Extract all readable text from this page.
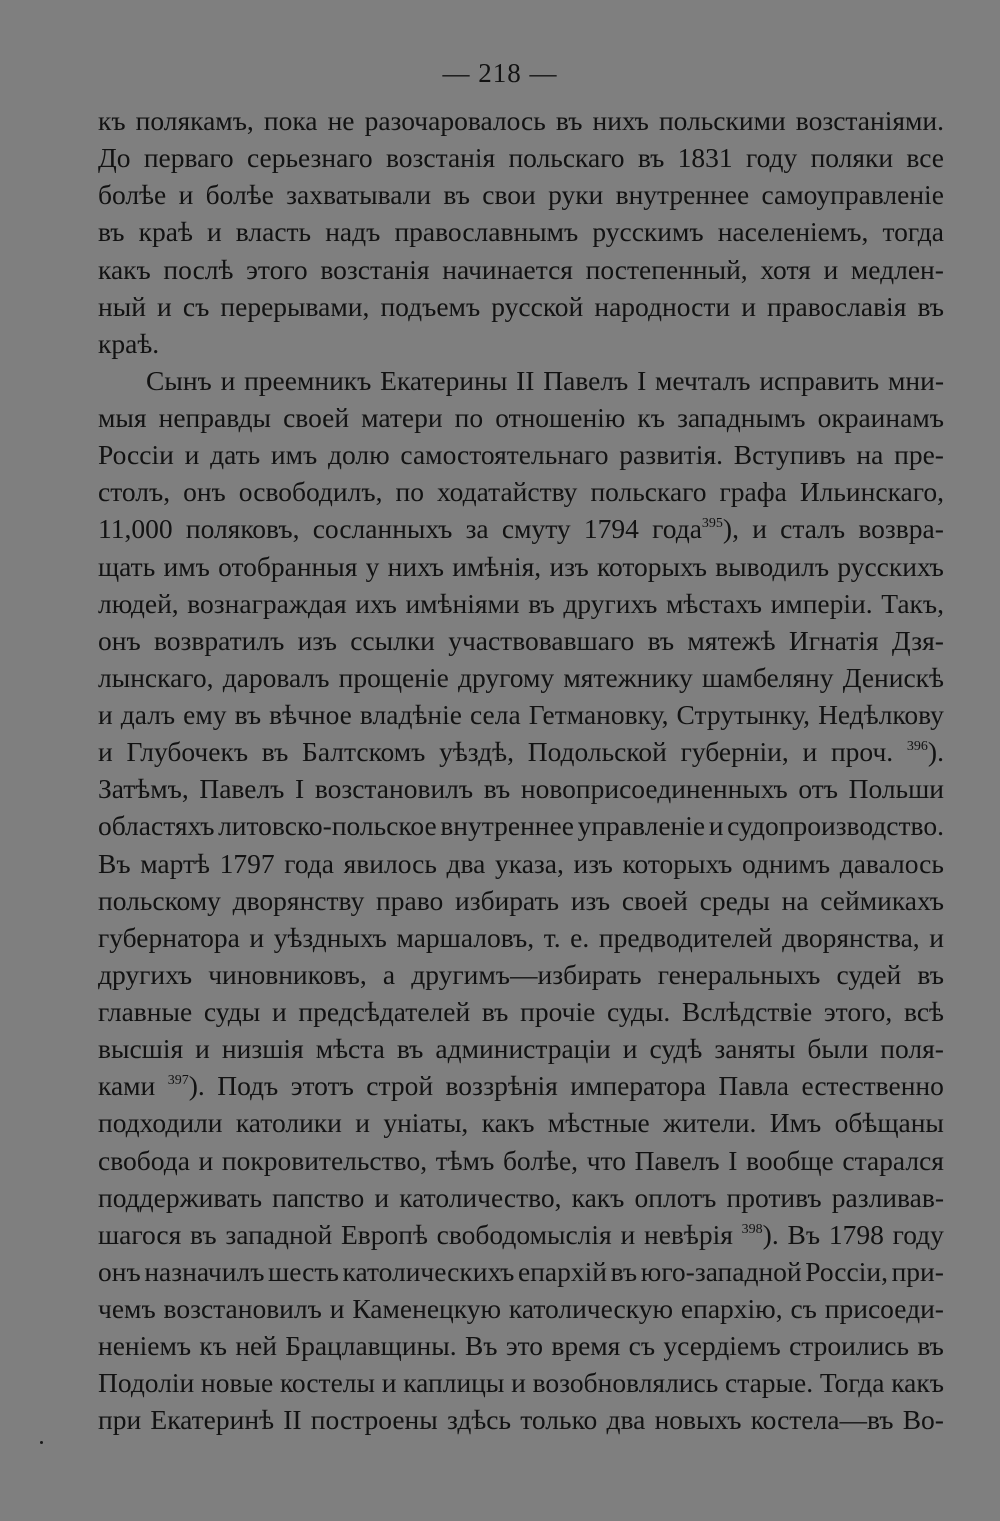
— 218 —
къ полякамъ, пока не разочаровалось въ нихъ польскими возстаніями.
До перваго серьезнаго возстанія польскаго въ 1831 году поляки все
болѣе и болѣе захватывали въ свои руки внутреннее самоуправленіе
въ краѣ и власть надъ православнымъ русскимъ населеніемъ, тогда
какъ послѣ этого возстанія начинается постепенный, хотя и медлен-
ный и съ перерывами, подъемъ русской народности и православія въ
краѣ.
Сынъ и преемникъ Екатерины II Павелъ I мечталъ исправить мни-
мыя неправды своей матери по отношенію къ западнымъ окраинамъ
Россіи и дать имъ долю самостоятельнаго развитія. Вступивъ на пре-
столъ, онъ освободилъ, по ходатайству польскаго графа Ильинскаго,
11,000 поляковъ, сосланныхъ за смуту 1794 года$^{395}$), и сталъ возвра-
щать имъ отобранныя у нихъ имѣнія, изъ которыхъ выводилъ русскихъ
людей, вознаграждая ихъ имѣніями въ другихъ мѣстахъ имперіи. Такъ,
онъ возвратилъ изъ ссылки участвовавшаго въ мятежѣ Игнатія Дзя-
лынскаго, даровалъ прощеніе другому мятежнику шамбеляну Денискѣ
и далъ ему въ вѣчное владѣніе села Гетмановку, Струтынку, Недѣлкову
и Глубочекъ въ Балтскомъ уѣздѣ, Подольской губерніи, и проч. $^{396}$).
Затѣмъ, Павелъ I возстановилъ въ новоприсоединенныхъ отъ Польши
областяхъ литовско-польское внутреннее управленіе и судопроизводство.
Въ мартѣ 1797 года явилось два указа, изъ которыхъ однимъ давалось
польскому дворянству право избирать изъ своей среды на сеймикахъ
губернатора и уѣздныхъ маршаловъ, т. е. предводителей дворянства, и
другихъ чиновниковъ, а другимъ—избирать генеральныхъ судей въ
главные суды и предсѣдателей въ прочіе суды. Вслѣдствіе этого, всѣ
высшія и низшія мѣста въ администраціи и судѣ заняты были поля-
ками $^{397}$). Подъ этотъ строй воззрѣнія императора Павла естественно
подходили католики и уніаты, какъ мѣстные жители. Имъ обѣщаны
свобода и покровительство, тѣмъ болѣе, что Павелъ I вообще старался
поддерживать папство и католичество, какъ оплотъ противъ разливав-
шагося въ западной Европѣ свободомыслія и невѣрія $^{398}$). Въ 1798 году
онъ назначилъ шесть католическихъ епархій въ юго-западной Россіи, при-
чемъ возстановилъ и Каменецкую католическую епархію, съ присоеди-
неніемъ къ ней Брацлавщины. Въ это время съ усердіемъ строились въ
Подоліи новые костелы и каплицы и возобновлялись старые. Тогда какъ
при Екатеринѣ II построены здѣсь только два новыхъ костела—въ Во-
